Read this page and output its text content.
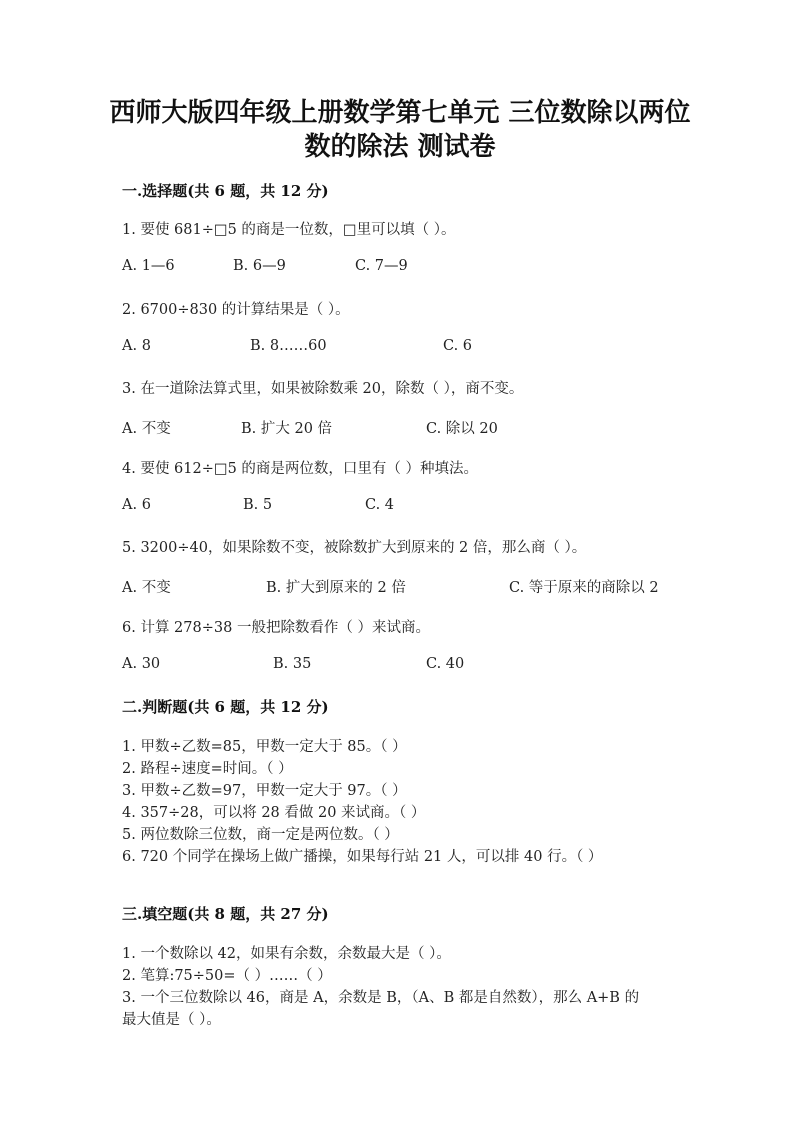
西师大版四年级上册数学第七单元 三位数除以两位
数的除法 测试卷
一.选择题(共 6 题，共 12 分)
1. 要使 681÷□5 的商是一位数，□里可以填（ ）。
A. 1—6	B. 6—9	C. 7—9
2. 6700÷830 的计算结果是（ ）。
A. 8	B. 8……60	C. 6
3. 在一道除法算式里，如果被除数乘 20，除数（ ），商不变。
A. 不变	B. 扩大 20 倍	C. 除以 20
4. 要使 612÷□5 的商是两位数，口里有（ ）种填法。
A. 6	B. 5	C. 4
5. 3200÷40，如果除数不变，被除数扩大到原来的 2 倍，那么商（ ）。
A. 不变	B. 扩大到原来的 2 倍	C. 等于原来的商除以 2
6. 计算 278÷38 一般把除数看作（ ）来试商。
A. 30	B. 35	C. 40
二.判断题(共 6 题，共 12 分)
1. 甲数÷乙数=85，甲数一定大于 85。（ ）
2. 路程÷速度=时间。（ ）
3. 甲数÷乙数=97，甲数一定大于 97。（ ）
4. 357÷28，可以将 28 看做 20 来试商。（ ）
5. 两位数除三位数，商一定是两位数。（ ）
6. 720 个同学在操场上做广播操，如果每行站 21 人，可以排 40 行。（ ）
三.填空题(共 8 题，共 27 分)
1. 一个数除以 42，如果有余数，余数最大是（ ）。
2. 笔算:75÷50=（ ）……（ ）
3. 一个三位数除以 46，商是 A，余数是 B，（A、B 都是自然数），那么 A+B 的
最大值是（ ）。
